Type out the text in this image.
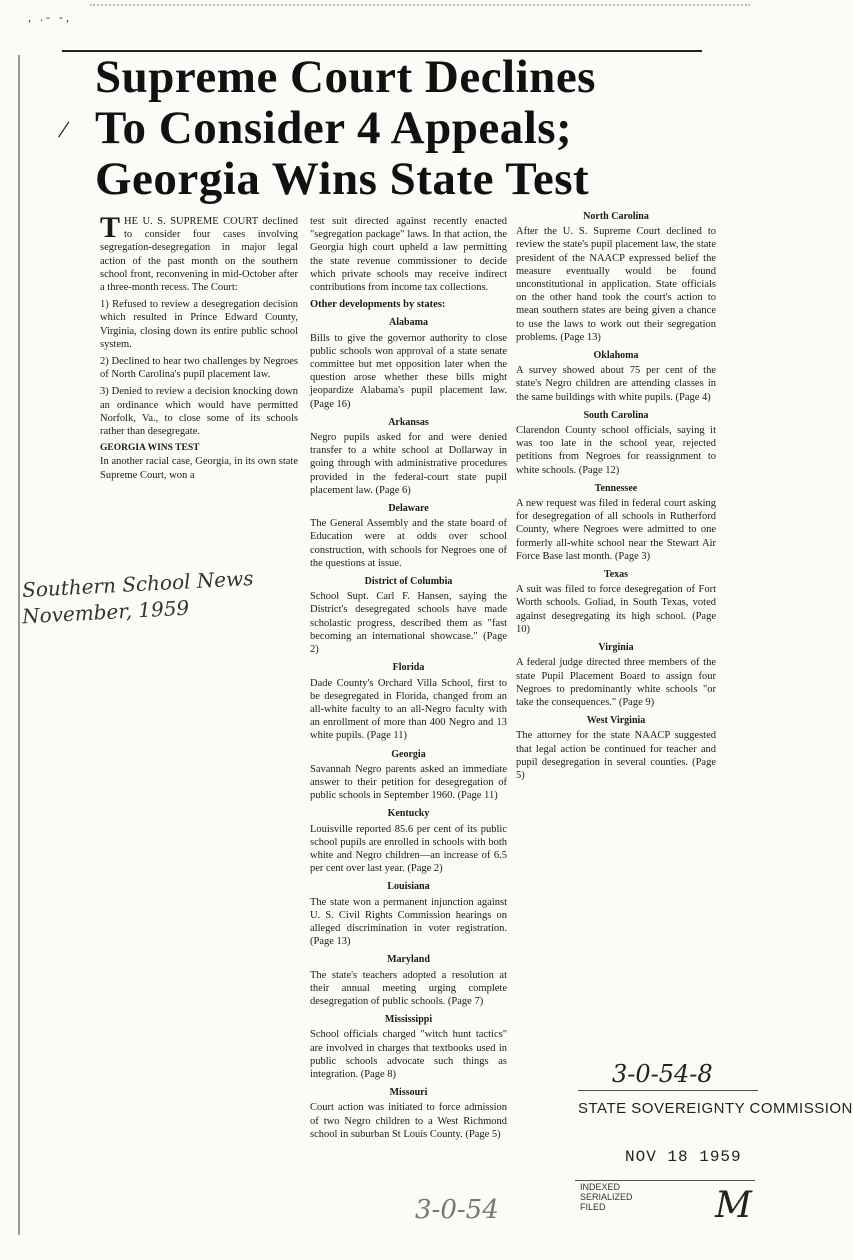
, .- -,
Supreme Court Declines
To Consider 4 Appeals;
Georgia Wins State Test
/

THE U. S. SUPREME COURT declined to consider four cases involving segregation-desegregation in major legal action of the past month on the southern school front, reconvening in mid-October after a three-month recess. The Court:

1) Refused to review a desegregation decision which resulted in Prince Edward County, Virginia, closing down its entire public school system.

2) Declined to hear two challenges by Negroes of North Carolina's pupil placement law.

3) Denied to review a decision knocking down an ordinance which would have permitted Norfolk, Va., to close some of its schools rather than desegregate.

GEORGIA WINS TEST

In another racial case, Georgia, in its own state Supreme Court, won a

test suit directed against recently enacted "segregation package" laws. In that action, the Georgia high court upheld a law permitting the state revenue commissioner to decide which private schools may receive indirect contributions from income tax collections.

Other developments by states:

Alabama

Bills to give the governor authority to close public schools won approval of a state senate committee but met opposition later when the question arose whether these bills might jeopardize Alabama's pupil placement law. (Page 16)

Arkansas

Negro pupils asked for and were denied transfer to a white school at Dollarway in going through with administrative procedures provided in the federal-court state pupil placement law. (Page 6)

Delaware

The General Assembly and the state board of Education were at odds over school construction, with schools for Negroes one of the questions at issue.

District of Columbia

School Supt. Carl F. Hansen, saying the District's desegregated schools have made scholastic progress, described them as "fast becoming an international showcase." (Page 2)

Florida

Dade County's Orchard Villa School, first to be desegregated in Florida, changed from an all-white faculty to an all-Negro faculty with an enrollment of more than 400 Negro and 13 white pupils. (Page 11)

Georgia

Savannah Negro parents asked an immediate answer to their petition for desegregation of public schools in September 1960. (Page 11)

Kentucky

Louisville reported 85.6 per cent of its public school pupils are enrolled in schools with both white and Negro children—an increase of 6.5 per cent over last year. (Page 2)

Louisiana

The state won a permanent injunction against U. S. Civil Rights Commission hearings on alleged discrimination in voter registration. (Page 13)

Maryland

The state's teachers adopted a resolution at their annual meeting urging complete desegregation of public schools. (Page 7)

Mississippi

School officials charged "witch hunt tactics" are involved in charges that textbooks used in public schools advocate such things as integration. (Page 8)

Missouri

Court action was initiated to force admission of two Negro children to a West Richmond school in suburban St Louis County. (Page 5)

North Carolina

After the U. S. Supreme Court declined to review the state's pupil placement law, the state president of the NAACP expressed belief the measure eventually would be found unconstitutional in application. State officials on the other hand took the court's action to mean southern states are being given a chance to use the laws to work out their segregation problems. (Page 13)

Oklahoma

A survey showed about 75 per cent of the state's Negro children are attending classes in the same buildings with white pupils. (Page 4)

South Carolina

Clarendon County school officials, saying it was too late in the school year, rejected petitions from Negroes for reassignment to white schools. (Page 12)

Tennessee

A new request was filed in federal court asking for desegregation of all schools in Rutherford County, where Negroes were admitted to one formerly all-white school near the Stewart Air Force Base last month. (Page 3)

Texas

A suit was filed to force desegregation of Fort Worth schools. Goliad, in South Texas, voted against desegregating its high school. (Page 10)

Virginia

A federal judge directed three members of the state Pupil Placement Board to assign four Negroes to predominantly white schools "or take the consequences." (Page 9)

West Virginia

The attorney for the state NAACP suggested that legal action be continued for teacher and pupil desegregation in several counties. (Page 5)

Southern School News
November, 1959
3-0-54
3-0-54-8
STATE SOVEREIGNTY COMMISSION
NOV 18 1959
INDEXED
SERIALIZED
FILED	M
